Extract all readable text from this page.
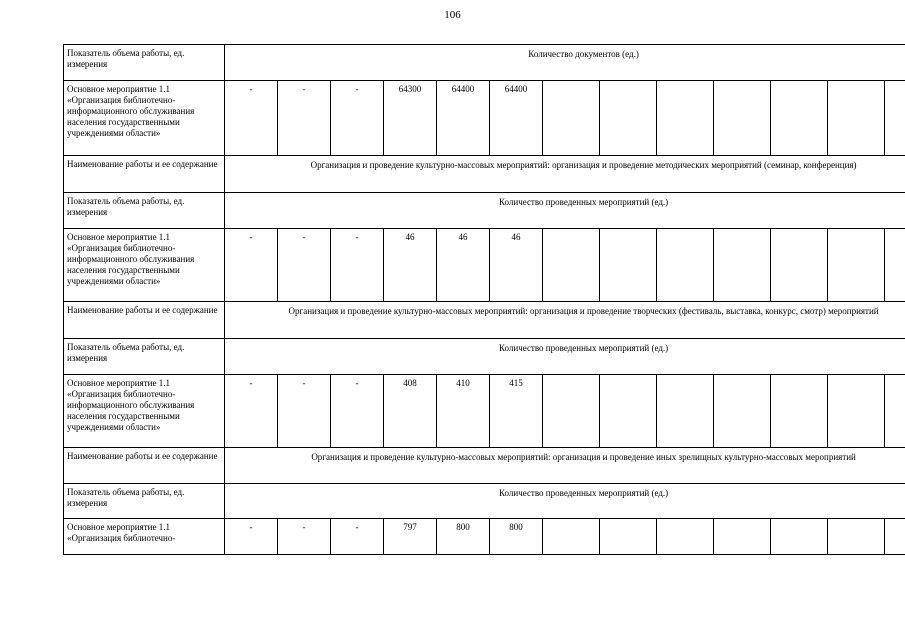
106
Показатель объема работы, ед. измерения	Количество документов (ед.)												
Основное мероприятие 1.1 «Организация библиотечно-информационного обслуживания населения государственными учреждениями области»	-	-	-	64300	64400	64400							
Наименование работы и ее содержание	Организация и проведение культурно-массовых мероприятий: организация и проведение методических мероприятий (семинар, конференция)												
Показатель объема работы, ед. измерения	Количество проведенных мероприятий (ед.)												
Основное мероприятие 1.1 «Организация библиотечно-информационного обслуживания населения государственными учреждениями области»	-	-	-	46	46	46							
Наименование работы и ее содержание	Организация и проведение культурно-массовых мероприятий: организация и проведение творческих (фестиваль, выставка, конкурс, смотр) мероприятий												
Показатель объема работы, ед. измерения	Количество проведенных мероприятий (ед.)												
Основное мероприятие 1.1 «Организация библиотечно-информационного обслуживания населения государственными учреждениями области»	-	-	-	408	410	415							
Наименование работы и ее содержание	Организация и проведение культурно-массовых мероприятий: организация и проведение иных зрелищных культурно-массовых мероприятий												
Показатель объема работы, ед. измерения	Количество проведенных мероприятий (ед.)												
Основное мероприятие 1.1 «Организация библиотечно-	-	-	-	797	800	800							
